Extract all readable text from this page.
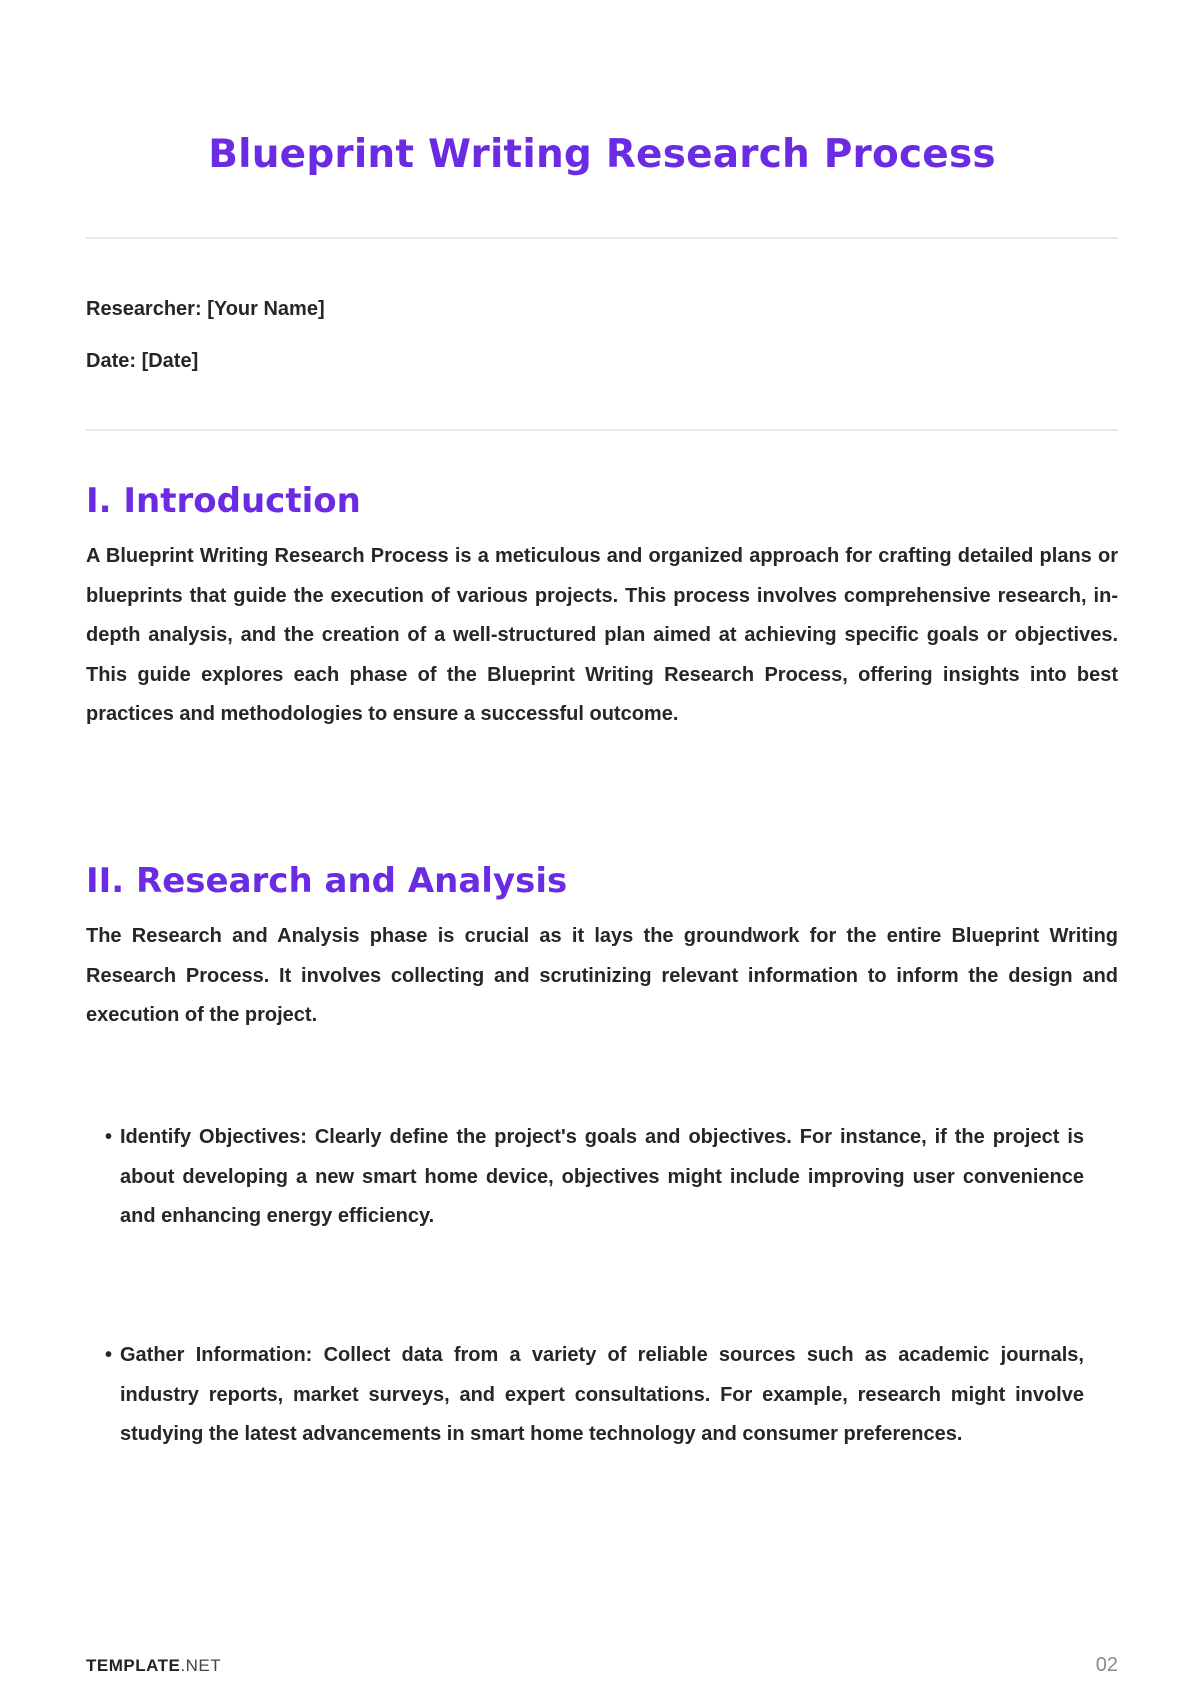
Blueprint Writing Research Process

Researcher: [Your Name]

Date: [Date]

I. Introduction

A Blueprint Writing Research Process is a meticulous and organized approach for crafting detailed plans or blueprints that guide the execution of various projects. This process involves comprehensive research, in-depth analysis, and the creation of a well-structured plan aimed at achieving specific goals or objectives. This guide explores each phase of the Blueprint Writing Research Process, offering insights into best practices and methodologies to ensure a successful outcome.

II. Research and Analysis

The Research and Analysis phase is crucial as it lays the groundwork for the entire Blueprint Writing Research Process. It involves collecting and scrutinizing relevant information to inform the design and execution of the project.

• Identify Objectives: Clearly define the project's goals and objectives. For instance, if the project is about developing a new smart home device, objectives might include improving user convenience and enhancing energy efficiency.
• Gather Information: Collect data from a variety of reliable sources such as academic journals, industry reports, market surveys, and expert consultations. For example, research might involve studying the latest advancements in smart home technology and consumer preferences.
TEMPLATE.NET	02
